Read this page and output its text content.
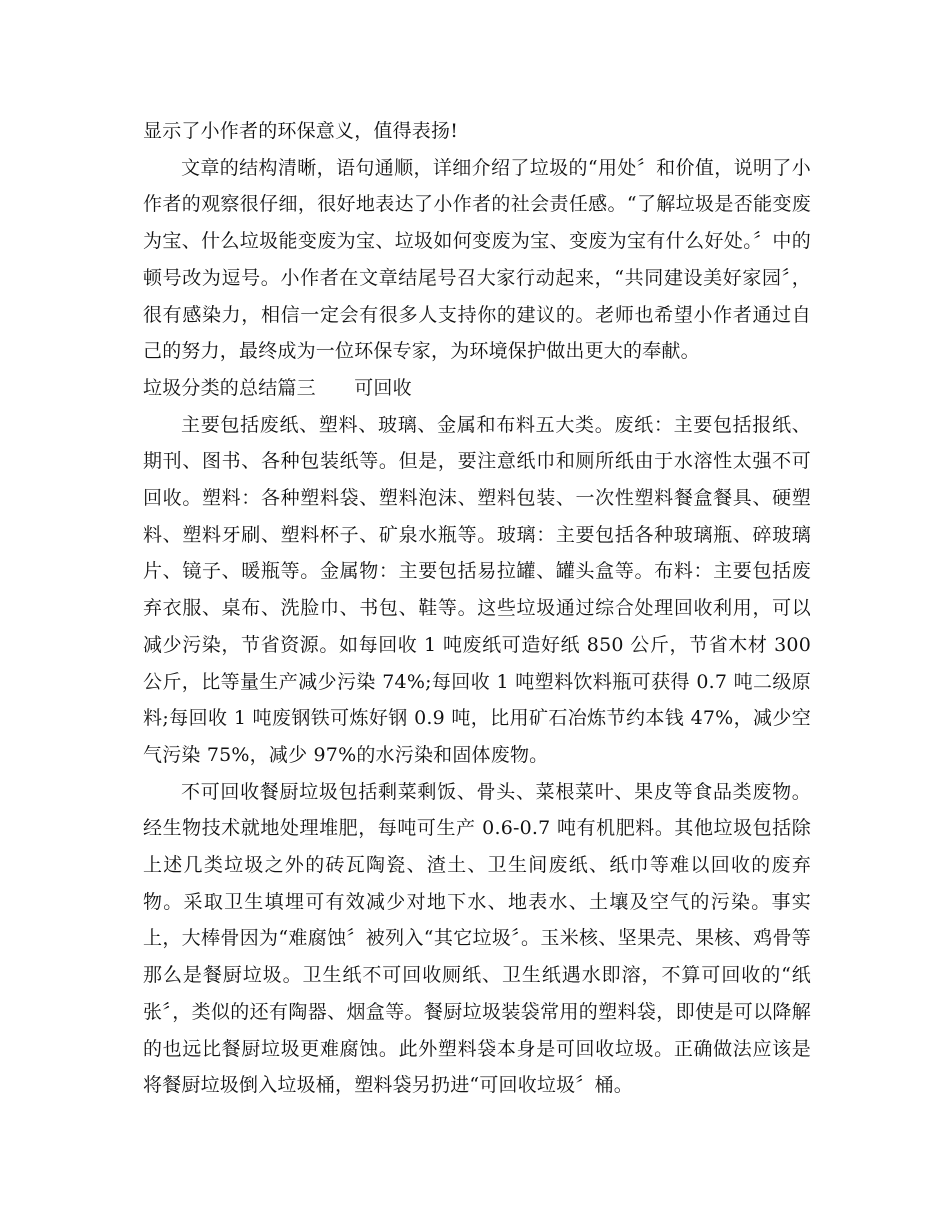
显示了小作者的环保意义，值得表扬!

文章的结构清晰，语句通顺，详细介绍了垃圾的“用处〞和价值，说明了小作者的观察很仔细，很好地表达了小作者的社会责任感。“了解垃圾是否能变废为宝、什么垃圾能变废为宝、垃圾如何变废为宝、变废为宝有什么好处。〞中的顿号改为逗号。小作者在文章结尾号召大家行动起来，“共同建设美好家园〞，很有感染力，相信一定会有很多人支持你的建议的。老师也希望小作者通过自己的努力，最终成为一位环保专家，为环境保护做出更大的奉献。

垃圾分类的总结篇三　　可回收

主要包括废纸、塑料、玻璃、金属和布料五大类。废纸：主要包括报纸、期刊、图书、各种包装纸等。但是，要注意纸巾和厕所纸由于水溶性太强不可回收。塑料：各种塑料袋、塑料泡沫、塑料包装、一次性塑料餐盒餐具、硬塑料、塑料牙刷、塑料杯子、矿泉水瓶等。玻璃：主要包括各种玻璃瓶、碎玻璃片、镜子、暖瓶等。金属物：主要包括易拉罐、罐头盒等。布料：主要包括废弃衣服、桌布、洗脸巾、书包、鞋等。这些垃圾通过综合处理回收利用，可以减少污染，节省资源。如每回收 1 吨废纸可造好纸 850 公斤，节省木材 300 公斤，比等量生产减少污染 74%;每回收 1 吨塑料饮料瓶可获得 0.7 吨二级原料;每回收 1 吨废钢铁可炼好钢 0.9 吨，比用矿石冶炼节约本钱 47%，减少空气污染 75%，减少 97%的水污染和固体废物。

不可回收餐厨垃圾包括剩菜剩饭、骨头、菜根菜叶、果皮等食品类废物。经生物技术就地处理堆肥，每吨可生产 0.6-0.7 吨有机肥料。其他垃圾包括除上述几类垃圾之外的砖瓦陶瓷、渣土、卫生间废纸、纸巾等难以回收的废弃物。采取卫生填埋可有效减少对地下水、地表水、土壤及空气的污染。事实上，大棒骨因为“难腐蚀〞被列入“其它垃圾〞。玉米核、坚果壳、果核、鸡骨等那么是餐厨垃圾。卫生纸不可回收厕纸、卫生纸遇水即溶，不算可回收的“纸张〞，类似的还有陶器、烟盒等。餐厨垃圾装袋常用的塑料袋，即使是可以降解的也远比餐厨垃圾更难腐蚀。此外塑料袋本身是可回收垃圾。正确做法应该是将餐厨垃圾倒入垃圾桶，塑料袋另扔进“可回收垃圾〞桶。
